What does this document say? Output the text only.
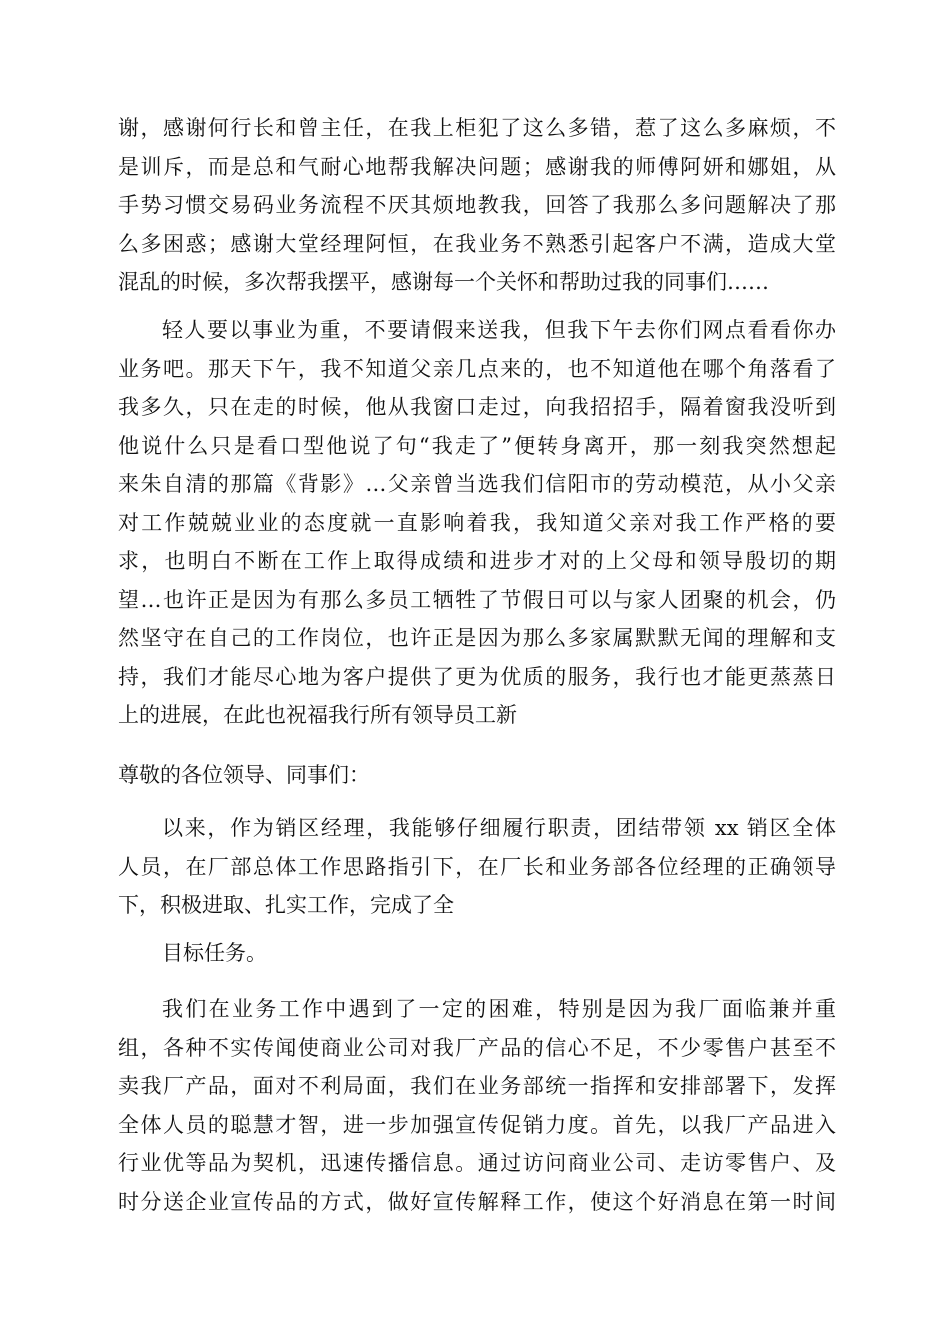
谢，感谢何行长和曾主任，在我上柜犯了这么多错，惹了这么多麻烦，不
是训斥，而是总和气耐心地帮我解决问题；感谢我的师傅阿妍和娜姐，从
手势习惯交易码业务流程不厌其烦地教我，回答了我那么多问题解决了那
么多困惑；感谢大堂经理阿恒，在我业务不熟悉引起客户不满，造成大堂
混乱的时候，多次帮我摆平，感谢每一个关怀和帮助过我的同事们……
轻人要以事业为重，不要请假来送我，但我下午去你们网点看看你办
业务吧。那天下午，我不知道父亲几点来的，也不知道他在哪个角落看了
我多久，只在走的时候，他从我窗口走过，向我招招手，隔着窗我没听到
他说什么只是看口型他说了句“我走了”便转身离开，那一刻我突然想起
来朱自清的那篇《背影》…父亲曾当选我们信阳市的劳动模范，从小父亲
对工作兢兢业业的态度就一直影响着我，我知道父亲对我工作严格的要
求，也明白不断在工作上取得成绩和进步才对的上父母和领导殷切的期
望…也许正是因为有那么多员工牺牲了节假日可以与家人团聚的机会，仍
然坚守在自己的工作岗位，也许正是因为那么多家属默默无闻的理解和支
持，我们才能尽心地为客户提供了更为优质的服务，我行也才能更蒸蒸日
上的进展，在此也祝福我行所有领导员工新
尊敬的各位领导、同事们：
以来，作为销区经理，我能够仔细履行职责，团结带领 xx 销区全体
人员，在厂部总体工作思路指引下，在厂长和业务部各位经理的正确领导
下，积极进取、扎实工作，完成了全
目标任务。
我们在业务工作中遇到了一定的困难，特别是因为我厂面临兼并重
组，各种不实传闻使商业公司对我厂产品的信心不足，不少零售户甚至不
卖我厂产品，面对不利局面，我们在业务部统一指挥和安排部署下，发挥
全体人员的聪慧才智，进一步加强宣传促销力度。首先，以我厂产品进入
行业优等品为契机，迅速传播信息。通过访问商业公司、走访零售户、及
时分送企业宣传品的方式，做好宣传解释工作，使这个好消息在第一时间
